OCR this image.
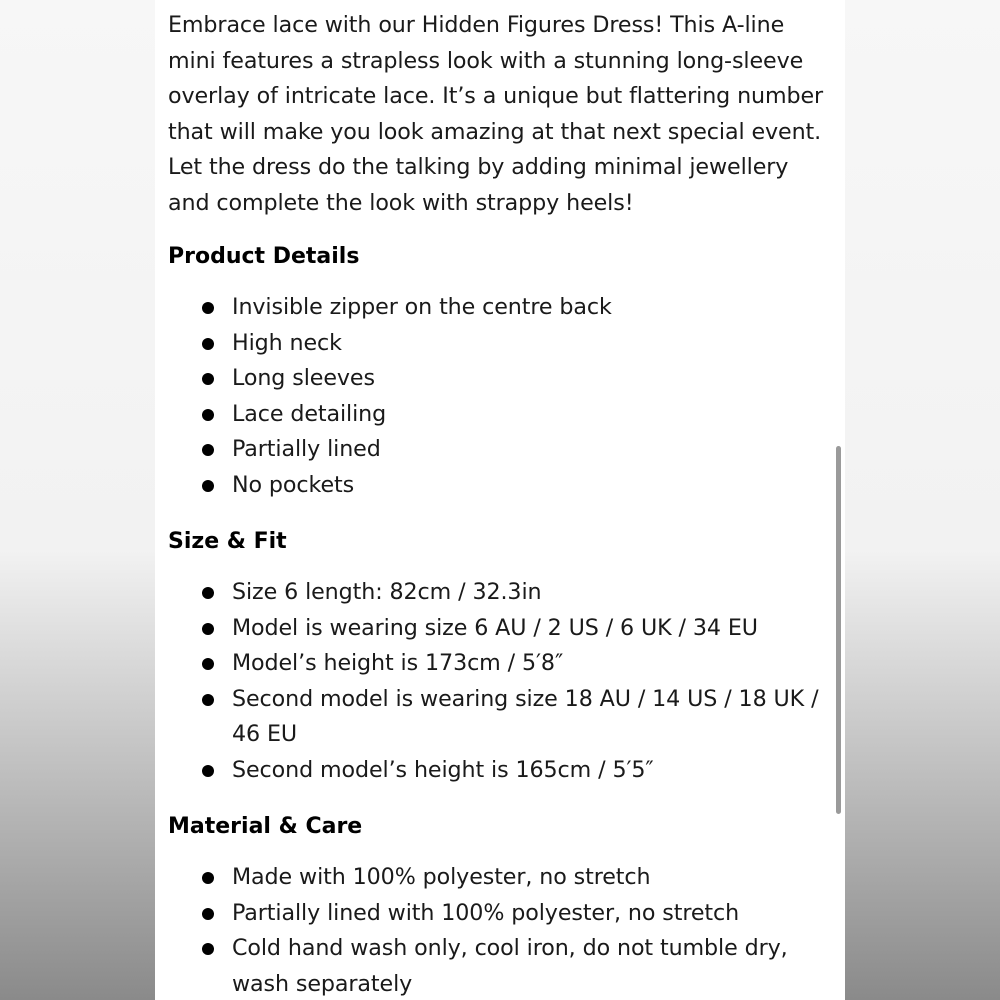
Embrace lace with our Hidden Figures Dress! This A-line mini features a strapless look with a stunning long-sleeve overlay of intricate lace. It’s a unique but flattering number that will make you look amazing at that next special event. Let the dress do the talking by adding minimal jewellery and complete the look with strappy heels!

Product Details
Invisible zipper on the centre back
High neck
Long sleeves
Lace detailing
Partially lined
No pockets
Size & Fit
Size 6 length: 82cm / 32.3in
Model is wearing size 6 AU / 2 US / 6 UK / 34 EU
Model’s height is 173cm / 5′8″
Second model is wearing size 18 AU / 14 US / 18 UK / 46 EU
Second model’s height is 165cm / 5′5″
Material & Care
Made with 100% polyester, no stretch
Partially lined with 100% polyester, no stretch
Cold hand wash only, cool iron, do not tumble dry, wash separately
